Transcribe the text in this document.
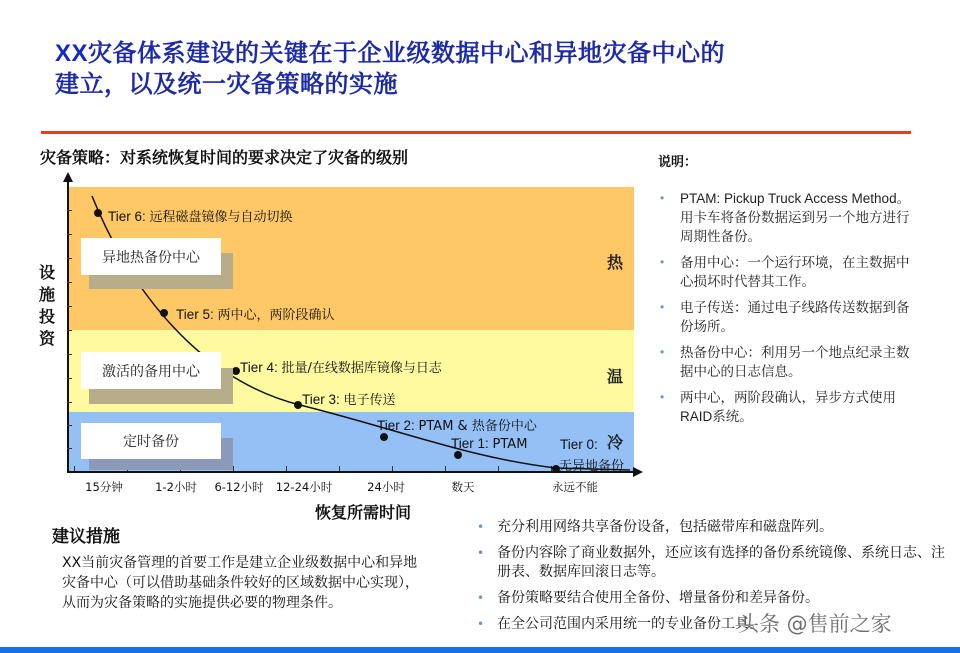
XX灾备体系建设的关键在于企业级数据中心和异地灾备中心的
建立，以及统一灾备策略的实施
灾备策略：对系统恢复时间的要求决定了灾备的级别
热
温
冷
15分钟	1-2小时 6-12小时 12-24小时	24小时	数天	永远不能
设施投资
恢复所需时间
异地热备份中心
激活的备用中心
定时备份
Tier 6: 远程磁盘镜像与自动切换
Tier 5: 两中心，两阶段确认
Tier 4: 批量/在线数据库镜像与日志
Tier 3: 电子传送
Tier 2: PTAM & 热备份中心
Tier 1: PTAM Tier 0:
无异地备份
说明：
• PTAM: Pickup Truck Access Method。用卡车将备份数据运到另一个地方进行周期性备份。
• 备用中心：一个运行环境，在主数据中心损坏时代替其工作。
• 电子传送：通过电子线路传送数据到备份场所。
• 热备份中心：利用另一个地点纪录主数据中心的日志信息。
• 两中心，两阶段确认，异步方式使用RAID系统。
建议措施
XX当前灾备管理的首要工作是建立企业级数据中心和异地灾备中心（可以借助基础条件较好的区域数据中心实现），从而为灾备策略的实施提供必要的物理条件。
• 充分利用网络共享备份设备，包括磁带库和磁盘阵列。
• 备份内容除了商业数据外，还应该有选择的备份系统镜像、系统日志、注册表、数据库回滚日志等。
• 备份策略要结合使用全备份、增量备份和差异备份。
• 在全公司范围内采用统一的专业备份工具。
头条 @售前之家
